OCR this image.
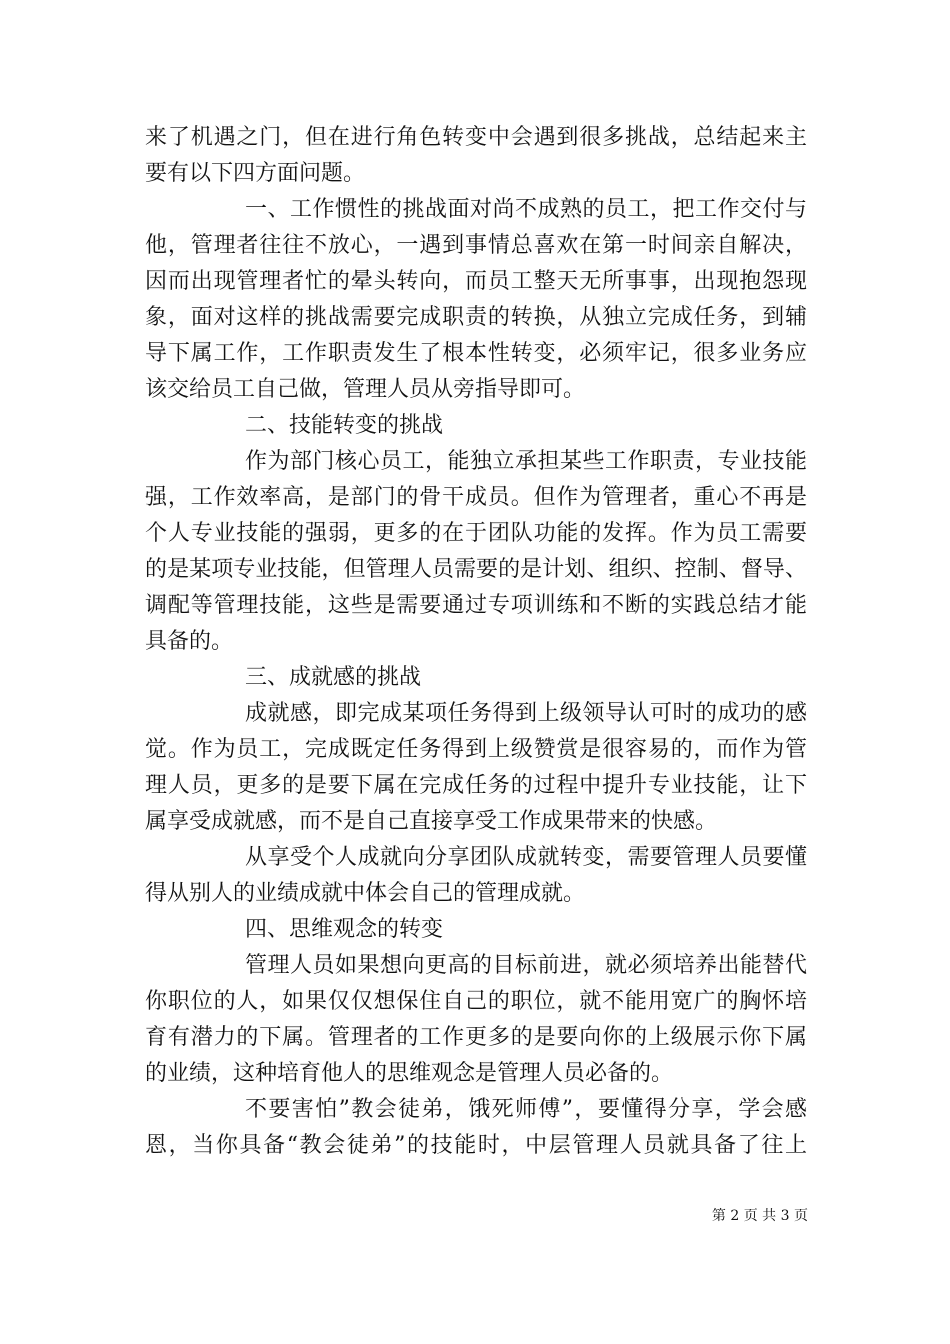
来了机遇之门，但在进行角色转变中会遇到很多挑战，总结起来主
要有以下四方面问题。
一、工作惯性的挑战面对尚不成熟的员工，把工作交付与
他，管理者往往不放心，一遇到事情总喜欢在第一时间亲自解决，
因而出现管理者忙的晕头转向，而员工整天无所事事，出现抱怨现
象，面对这样的挑战需要完成职责的转换，从独立完成任务，到辅
导下属工作，工作职责发生了根本性转变，必须牢记，很多业务应
该交给员工自己做，管理人员从旁指导即可。
二、技能转变的挑战
作为部门核心员工，能独立承担某些工作职责，专业技能
强，工作效率高，是部门的骨干成员。但作为管理者，重心不再是
个人专业技能的强弱，更多的在于团队功能的发挥。作为员工需要
的是某项专业技能，但管理人员需要的是计划、组织、控制、督导、
调配等管理技能，这些是需要通过专项训练和不断的实践总结才能
具备的。
三、成就感的挑战
成就感，即完成某项任务得到上级领导认可时的成功的感
觉。作为员工，完成既定任务得到上级赞赏是很容易的，而作为管
理人员，更多的是要下属在完成任务的过程中提升专业技能，让下
属享受成就感，而不是自己直接享受工作成果带来的快感。
从享受个人成就向分享团队成就转变，需要管理人员要懂
得从别人的业绩成就中体会自己的管理成就。
四、思维观念的转变
管理人员如果想向更高的目标前进，就必须培养出能替代
你职位的人，如果仅仅想保住自己的职位，就不能用宽广的胸怀培
育有潜力的下属。管理者的工作更多的是要向你的上级展示你下属
的业绩，这种培育他人的思维观念是管理人员必备的。
不要害怕”教会徒弟，饿死师傅”，要懂得分享，学会感
恩，当你具备“教会徒弟”的技能时，中层管理人员就具备了往上
第 2 页 共 3 页
